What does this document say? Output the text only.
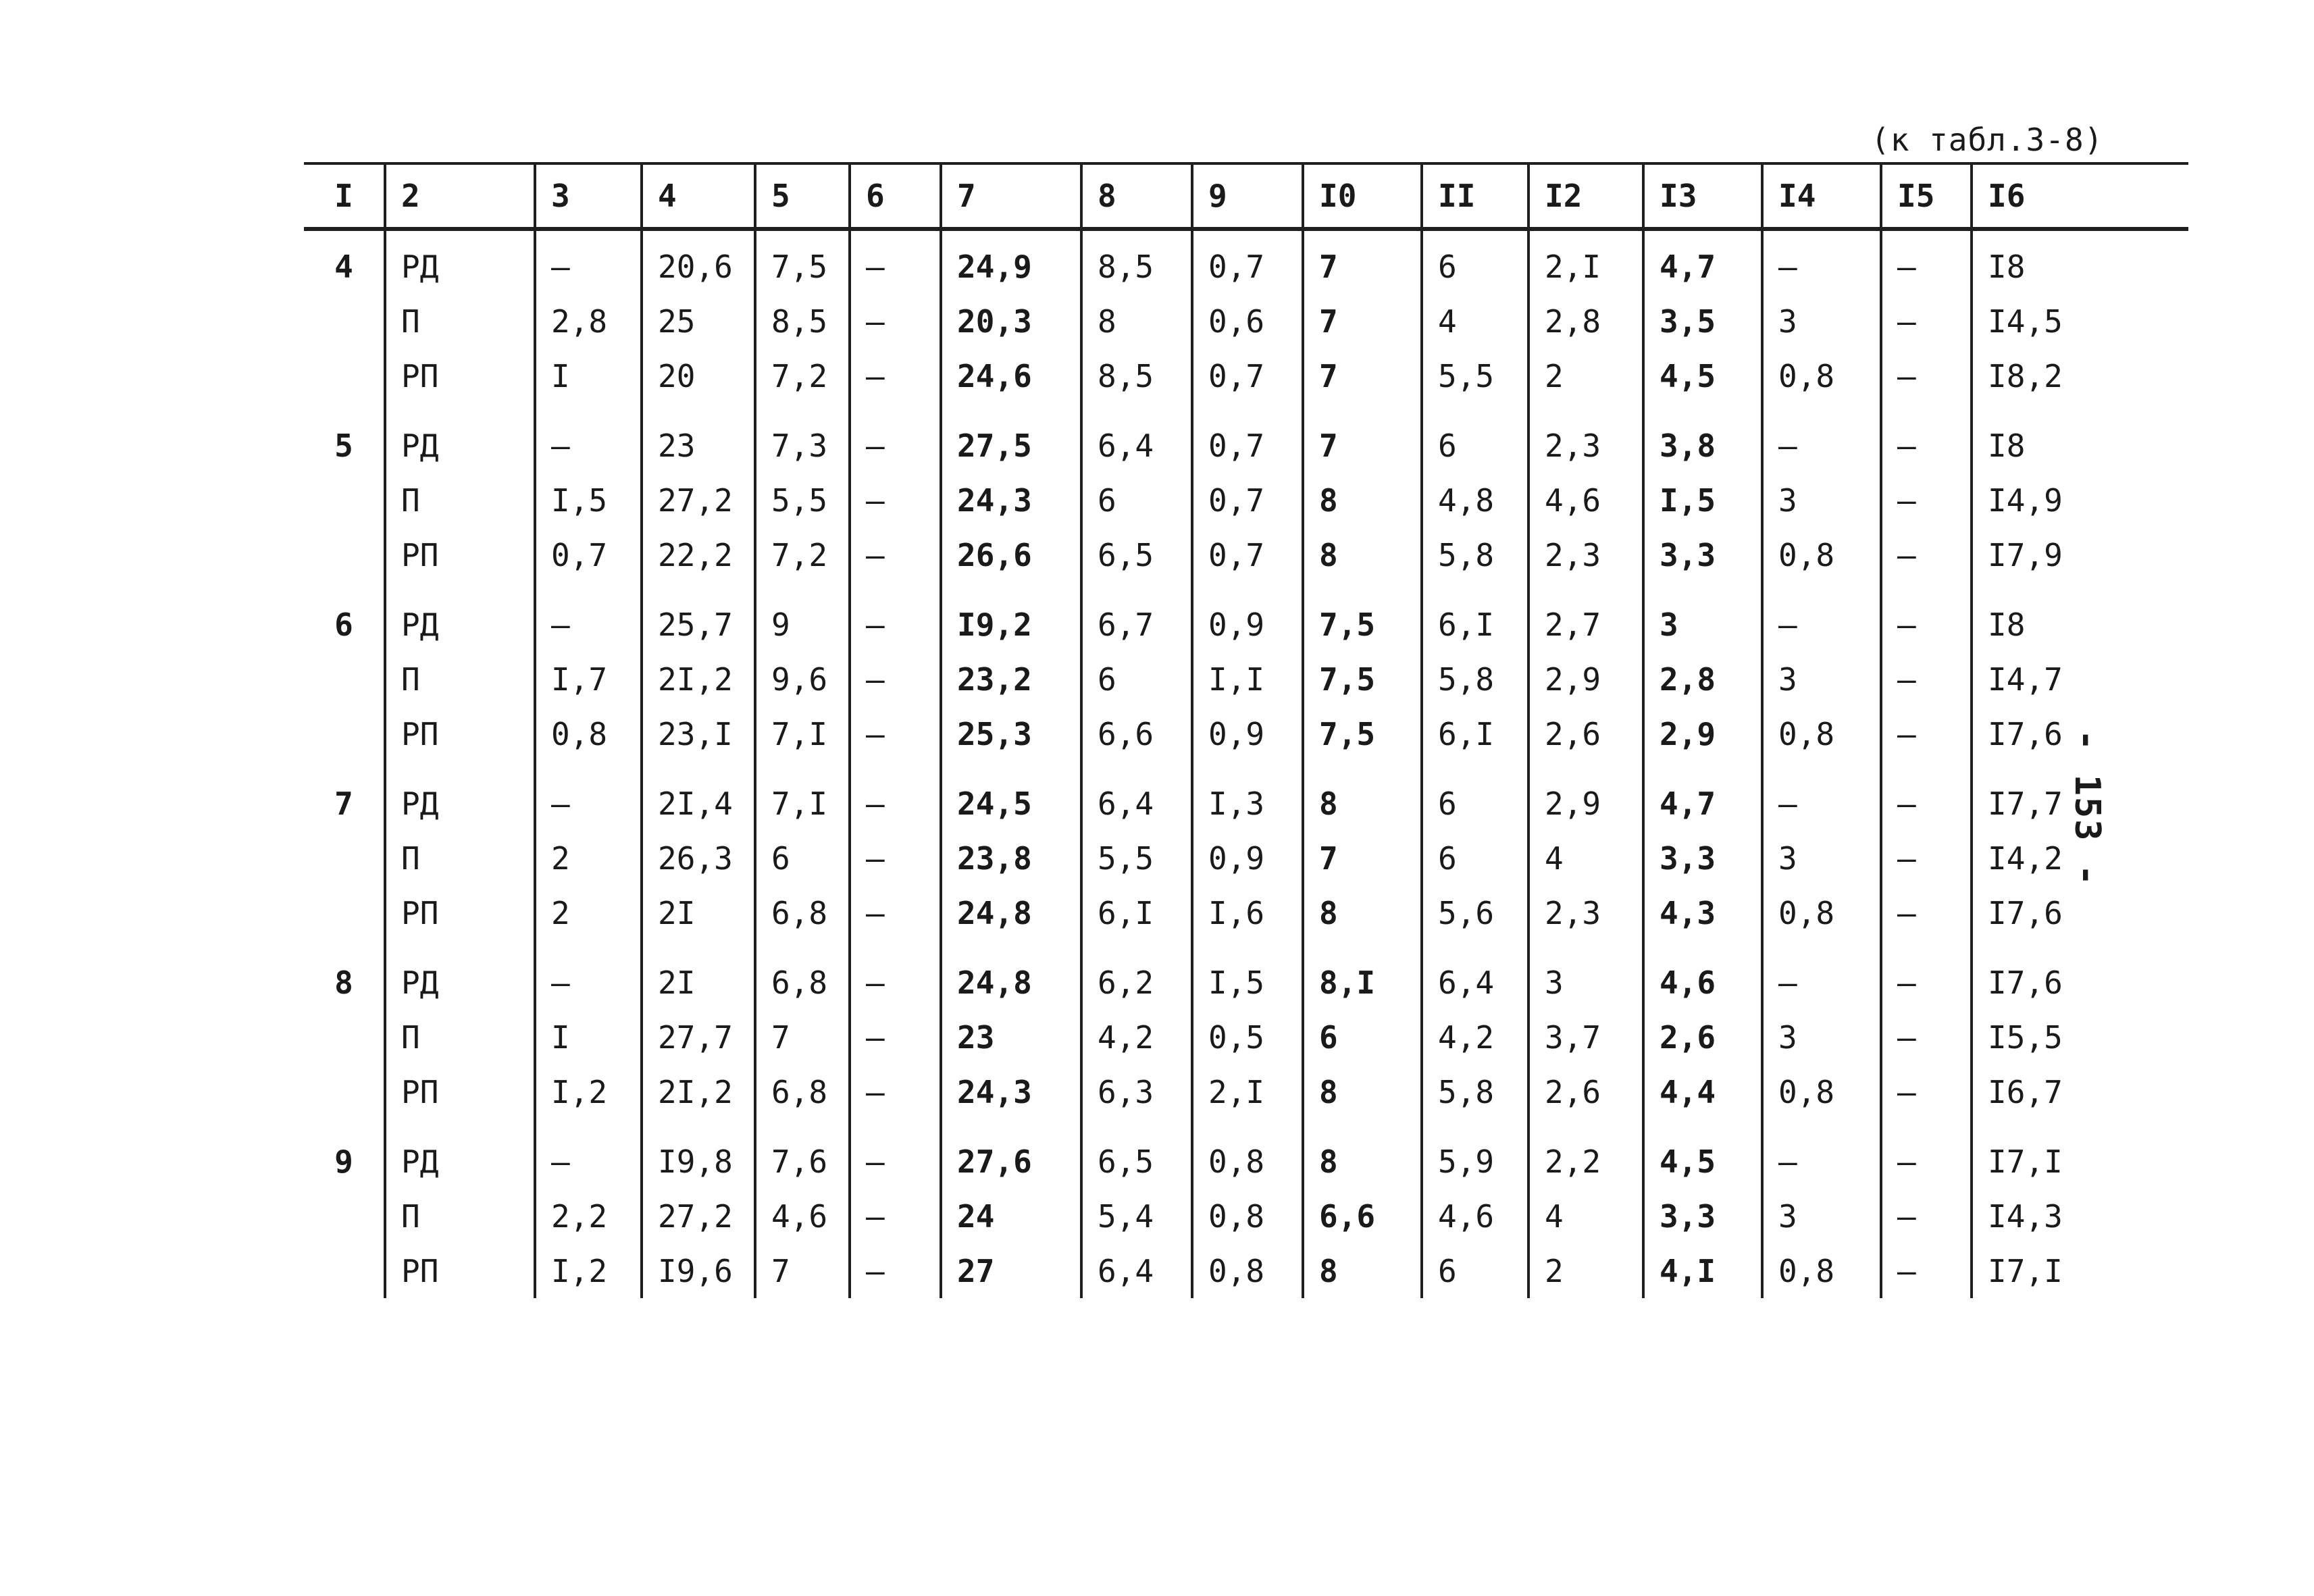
(к табл.3-8)
- 153 -
I	2	3	4	5	6	7	8	9	I0	II	I2	I3	I4	I5	I6
4	РД	–	20,6	7,5	–	24,9	8,5	0,7	7	6	2,I	4,7	–	–	I8
	П	2,8	25	8,5	–	20,3	8	0,6	7	4	2,8	3,5	3	–	I4,5
	РП	I	20	7,2	–	24,6	8,5	0,7	7	5,5	2	4,5	0,8	–	I8,2
5	РД	–	23	7,3	–	27,5	6,4	0,7	7	6	2,3	3,8	–	–	I8
	П	I,5	27,2	5,5	–	24,3	6	0,7	8	4,8	4,6	I,5	3	–	I4,9
	РП	0,7	22,2	7,2	–	26,6	6,5	0,7	8	5,8	2,3	3,3	0,8	–	I7,9
6	РД	–	25,7	9	–	I9,2	6,7	0,9	7,5	6,I	2,7	3	–	–	I8
	П	I,7	2I,2	9,6	–	23,2	6	I,I	7,5	5,8	2,9	2,8	3	–	I4,7
	РП	0,8	23,I	7,I	–	25,3	6,6	0,9	7,5	6,I	2,6	2,9	0,8	–	I7,6
7	РД	–	2I,4	7,I	–	24,5	6,4	I,3	8	6	2,9	4,7	–	–	I7,7
	П	2	26,3	6	–	23,8	5,5	0,9	7	6	4	3,3	3	–	I4,2
	РП	2	2I	6,8	–	24,8	6,I	I,6	8	5,6	2,3	4,3	0,8	–	I7,6
8	РД	–	2I	6,8	–	24,8	6,2	I,5	8,I	6,4	3	4,6	–	–	I7,6
	П	I	27,7	7	–	23	4,2	0,5	6	4,2	3,7	2,6	3	–	I5,5
	РП	I,2	2I,2	6,8	–	24,3	6,3	2,I	8	5,8	2,6	4,4	0,8	–	I6,7
9	РД	–	I9,8	7,6	–	27,6	6,5	0,8	8	5,9	2,2	4,5	–	–	I7,I
	П	2,2	27,2	4,6	–	24	5,4	0,8	6,6	4,6	4	3,3	3	–	I4,3
	РП	I,2	I9,6	7	–	27	6,4	0,8	8	6	2	4,I	0,8	–	I7,I
